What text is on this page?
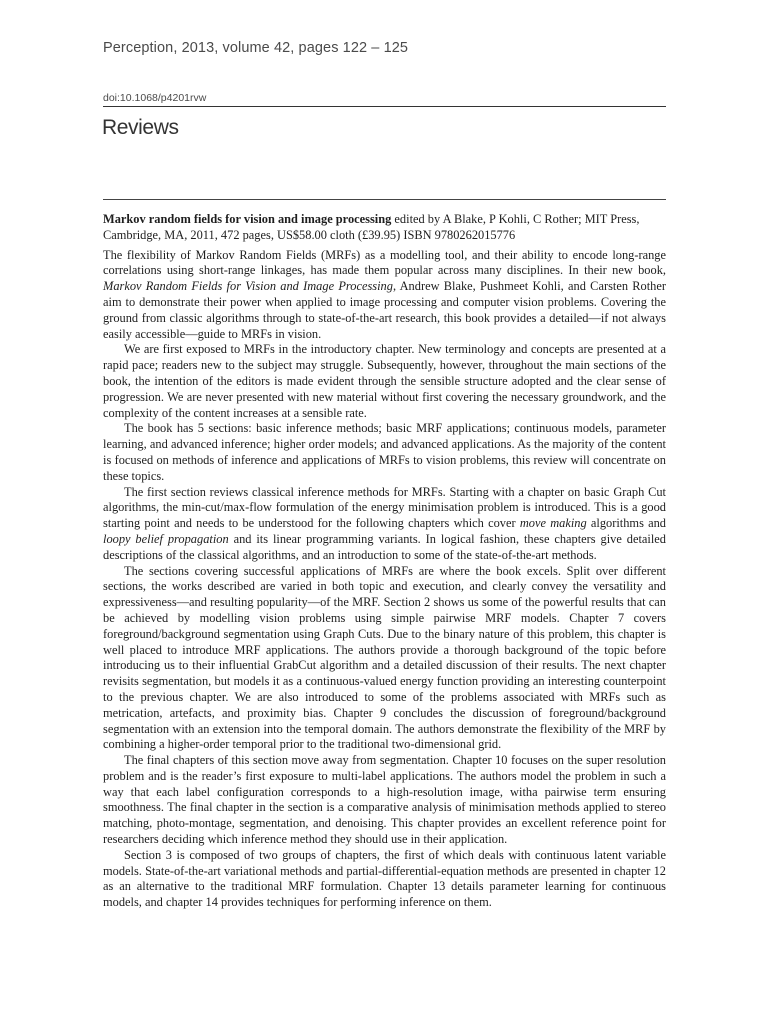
Perception, 2013, volume 42, pages 122 – 125
doi:10.1068/p4201rvw
Reviews

Markov random fields for vision and image processing edited by A Blake, P Kohli, C Rother; MIT Press, Cambridge, MA, 2011, 472 pages, US$58.00 cloth (£39.95) ISBN 9780262015776

The flexibility of Markov Random Fields (MRFs) as a modelling tool, and their ability to encode long-range correlations using short-range linkages, has made them popular across many disciplines. In their new book, Markov Random Fields for Vision and Image Processing, Andrew Blake, Pushmeet Kohli, and Carsten Rother aim to demonstrate their power when applied to image processing and computer vision problems. Covering the ground from classic algorithms through to state-of-the-art research, this book provides a detailed—if not always easily accessible—guide to MRFs in vision.

We are first exposed to MRFs in the introductory chapter. New terminology and concepts are presented at a rapid pace; readers new to the subject may struggle. Subsequently, however, throughout the main sections of the book, the intention of the editors is made evident through the sensible structure adopted and the clear sense of progression. We are never presented with new material without first covering the necessary groundwork, and the complexity of the content increases at a sensible rate.

The book has 5 sections: basic inference methods; basic MRF applications; continuous models, parameter learning, and advanced inference; higher order models; and advanced applications. As the majority of the content is focused on methods of inference and applications of MRFs to vision problems, this review will concentrate on these topics.

The first section reviews classical inference methods for MRFs. Starting with a chapter on basic Graph Cut algorithms, the min-cut/max-flow formulation of the energy minimisation problem is introduced. This is a good starting point and needs to be understood for the following chapters which cover move making algorithms and loopy belief propagation and its linear programming variants. In logical fashion, these chapters give detailed descriptions of the classical algorithms, and an introduction to some of the state-of-the-art methods.

The sections covering successful applications of MRFs are where the book excels. Split over different sections, the works described are varied in both topic and execution, and clearly convey the versatility and expressiveness—and resulting popularity—of the MRF. Section 2 shows us some of the powerful results that can be achieved by modelling vision problems using simple pairwise MRF models. Chapter 7 covers foreground/background segmentation using Graph Cuts. Due to the binary nature of this problem, this chapter is well placed to introduce MRF applications. The authors provide a thorough background of the topic before introducing us to their influential GrabCut algorithm and a detailed discussion of their results. The next chapter revisits segmentation, but models it as a continuous-valued energy function providing an interesting counterpoint to the previous chapter. We are also introduced to some of the problems associated with MRFs such as metrication, artefacts, and proximity bias. Chapter 9 concludes the discussion of foreground/background segmentation with an extension into the temporal domain. The authors demonstrate the flexibility of the MRF by combining a higher-order temporal prior to the traditional two-dimensional grid.

The final chapters of this section move away from segmentation. Chapter 10 focuses on the super resolution problem and is the reader’s first exposure to multi-label applications. The authors model the problem in such a way that each label configuration corresponds to a high-resolution image, witha pairwise term ensuring smoothness. The final chapter in the section is a comparative analysis of minimisation methods applied to stereo matching, photo-montage, segmentation, and denoising. This chapter provides an excellent reference point for researchers deciding which inference method they should use in their application.

Section 3 is composed of two groups of chapters, the first of which deals with continuous latent variable models. State-of-the-art variational methods and partial-differential-equation methods are presented in chapter 12 as an alternative to the traditional MRF formulation. Chapter 13 details parameter learning for continuous models, and chapter 14 provides techniques for performing inference on them.
